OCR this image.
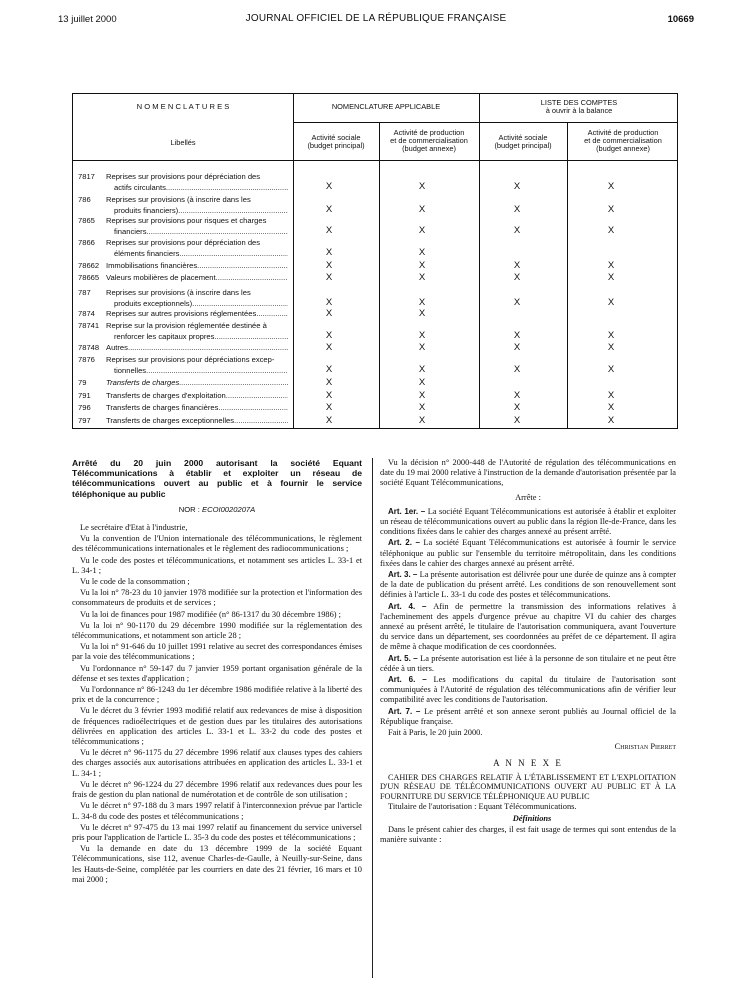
13 juillet 2000	JOURNAL OFFICIEL DE LA RÉPUBLIQUE FRANÇAISE	10669
N O M E N C L A T U R E S	NOMENCLATURE APPLICABLE	LISTE DES COMPTES
à ouvrir à la balance
Libellés
Activité sociale
(budget principal)
Activité de production
et de commercialisation
(budget annexe)
Activité sociale
(budget principal)
Activité de production
et de commercialisation
(budget annexe)
7817 Reprises sur provisions pour dépréciation des
actifs circulants .....	X	X	X	X
786 Reprises sur provisions (à inscrire dans les
produits financiers) .....	X	X	X	X
7865 Reprises sur provisions pour risques et charges
financiers .....	X	X	X	X
7866 Reprises sur provisions pour dépréciation des
éléments financiers .....	X	X
78662 Immobilisations financières .....	X	X	X	X
78665 Valeurs mobilières de placement .....	X	X	X	X
787 Reprises sur provisions (à inscrire dans les
produits exceptionnels) .....	X	X	X	X
7874 Reprises sur autres provisions réglementées .....	X	X
78741 Reprise sur la provision réglementée destinée à
renforcer les capitaux propres .....	X	X	X	X
78748 Autres .....	X	X	X	X
7876 Reprises sur provisions pour dépréciations excep-
tionnelles .....	X	X	X	X
79	Transferts de charges .....	X	X
791 Transferts de charges d'exploitation .....	X	X	X	X
796 Transferts de charges financières .....	X	X	X	X
797 Transferts de charges exceptionnelles .....	X	X	X	X
Arrêté du 20 juin 2000 autorisant la société Equant Télécommunications à établir et exploiter un réseau de télécommunications ouvert au public et à fournir le service téléphonique au public
NOR : ECOI0020207A

Le secrétaire d'Etat à l'industrie,

Vu la convention de l'Union internationale des télécommunications, le règlement des télécommunications internationales et le règlement des radiocommunications ;

Vu le code des postes et télécommunications, et notamment ses articles L. 33-1 et L. 34-1 ;

Vu le code de la consommation ;

Vu la loi n° 78-23 du 10 janvier 1978 modifiée sur la protection et l'information des consommateurs de produits et de services ;

Vu la loi de finances pour 1987 modifiée (n° 86-1317 du 30 décembre 1986) ;

Vu la loi n° 90-1170 du 29 décembre 1990 modifiée sur la réglementation des télécommunications, et notamment son article 28 ;

Vu la loi n° 91-646 du 10 juillet 1991 relative au secret des correspondances émises par la voie des télécommunications ;

Vu l'ordonnance n° 59-147 du 7 janvier 1959 portant organisation générale de la défense et ses textes d'application ;

Vu l'ordonnance n° 86-1243 du 1er décembre 1986 modifiée relative à la liberté des prix et de la concurrence ;

Vu le décret du 3 février 1993 modifié relatif aux redevances de mise à disposition de fréquences radioélectriques et de gestion dues par les titulaires des autorisations délivrées en application des articles L. 33-1 et L. 33-2 du code des postes et télécommunications ;

Vu le décret n° 96-1175 du 27 décembre 1996 relatif aux clauses types des cahiers des charges associés aux autorisations attribuées en application des articles L. 33-1 et L. 34-1 ;

Vu le décret n° 96-1224 du 27 décembre 1996 relatif aux redevances dues pour les frais de gestion du plan national de numérotation et de contrôle de son utilisation ;

Vu le décret n° 97-188 du 3 mars 1997 relatif à l'interconnexion prévue par l'article L. 34-8 du code des postes et télécommunications ;

Vu le décret n° 97-475 du 13 mai 1997 relatif au financement du service universel pris pour l'application de l'article L. 35-3 du code des postes et télécommunications ;

Vu la demande en date du 13 décembre 1999 de la société Equant Télécommunications, sise 112, avenue Charles-de-Gaulle, à Neuilly-sur-Seine, dans les Hauts-de-Seine, complétée par les courriers en date des 21 février, 16 mars et 10 mai 2000 ;

Vu la décision n° 2000-448 de l'Autorité de régulation des télécommunications en date du 19 mai 2000 relative à l'instruction de la demande d'autorisation présentée par la société Equant Télécommunications,

Arrête :

Art. 1er. – La société Equant Télécommunications est autorisée à établir et exploiter un réseau de télécommunications ouvert au public dans la région Ile-de-France, dans les conditions fixées dans le cahier des charges annexé au présent arrêté.

Art. 2. – La société Equant Télécommunications est autorisée à fournir le service téléphonique au public sur l'ensemble du territoire métropolitain, dans les conditions fixées dans le cahier des charges annexé au présent arrêté.

Art. 3. – La présente autorisation est délivrée pour une durée de quinze ans à compter de la date de publication du présent arrêté. Les conditions de son renouvellement sont définies à l'article L. 33-1 du code des postes et télécommunications.

Art. 4. – Afin de permettre la transmission des informations relatives à l'acheminement des appels d'urgence prévue au chapitre VI du cahier des charges annexé au présent arrêté, le titulaire de l'autorisation communiquera, avant l'ouverture du service dans un département, ses coordonnées au préfet de ce département. Il agira de même à chaque modification de ces coordonnées.

Art. 5. – La présente autorisation est liée à la personne de son titulaire et ne peut être cédée à un tiers.

Art. 6. – Les modifications du capital du titulaire de l'autorisation sont communiquées à l'Autorité de régulation des télécommunications afin de vérifier leur compatibilité avec les conditions de l'autorisation.

Art. 7. – Le présent arrêté et son annexe seront publiés au Journal officiel de la République française.

Fait à Paris, le 20 juin 2000.

Christian Pierret
A N N E X E

CAHIER DES CHARGES RELATIF À L'ÉTABLISSEMENT ET L'EXPLOITATION D'UN RÉSEAU DE TÉLÉCOMMUNICATIONS OUVERT AU PUBLIC ET À LA FOURNITURE DU SERVICE TÉLÉPHONIQUE AU PUBLIC

Titulaire de l'autorisation : Equant Télécommunications.

Définitions

Dans le présent cahier des charges, il est fait usage de termes qui sont entendus de la manière suivante :
